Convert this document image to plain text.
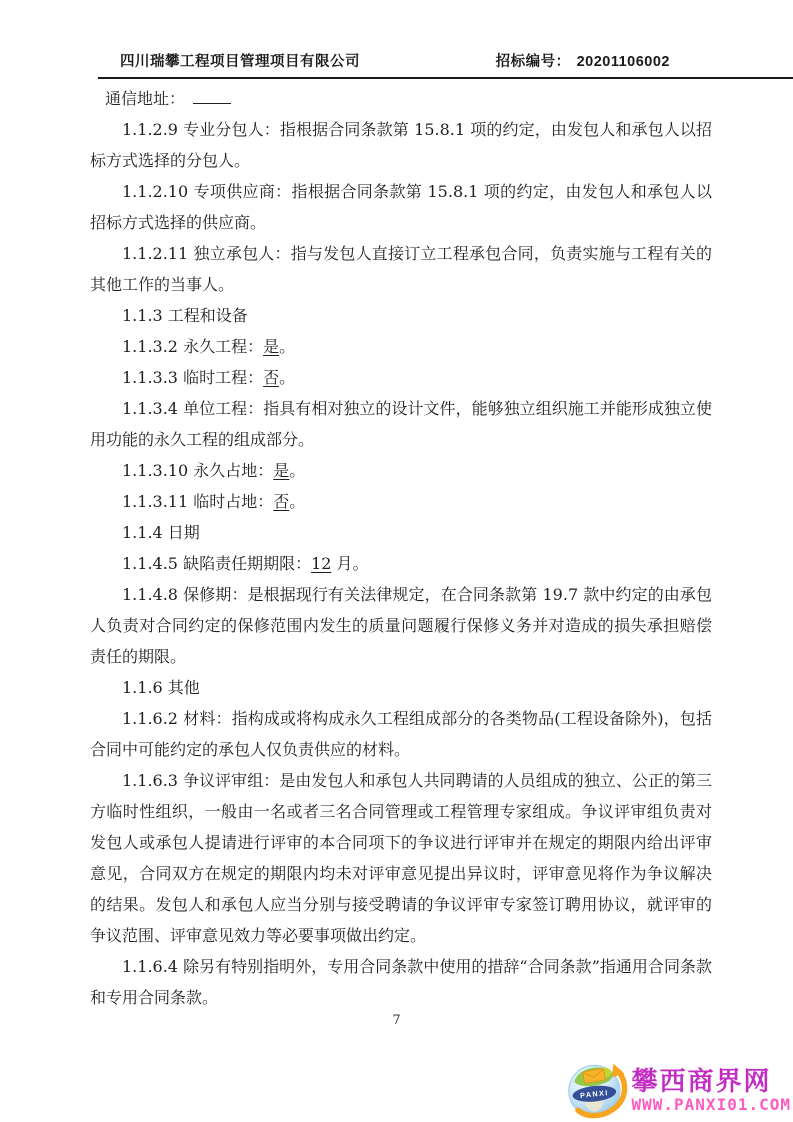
四川瑞攀工程项目管理项目有限公司	招标编号： 20201106002

通信地址：

1.1.2.9 专业分包人：指根据合同条款第 15.8.1 项的约定，由发包人和承包人以招标方式选择的分包人。

1.1.2.10 专项供应商：指根据合同条款第 15.8.1 项的约定，由发包人和承包人以招标方式选择的供应商。

1.1.2.11 独立承包人：指与发包人直接订立工程承包合同，负责实施与工程有关的其他工作的当事人。

1.1.3 工程和设备

1.1.3.2 永久工程：是。

1.1.3.3 临时工程：否。

1.1.3.4 单位工程：指具有相对独立的设计文件，能够独立组织施工并能形成独立使用功能的永久工程的组成部分。

1.1.3.10 永久占地：是。

1.1.3.11 临时占地：否。

1.1.4 日期

1.1.4.5 缺陷责任期期限：12 月。

1.1.4.8 保修期：是根据现行有关法律规定，在合同条款第 19.7 款中约定的由承包人负责对合同约定的保修范围内发生的质量问题履行保修义务并对造成的损失承担赔偿责任的期限。

1.1.6 其他

1.1.6.2 材料：指构成或将构成永久工程组成部分的各类物品(工程设备除外)，包括合同中可能约定的承包人仅负责供应的材料。

1.1.6.3 争议评审组：是由发包人和承包人共同聘请的人员组成的独立、公正的第三方临时性组织，一般由一名或者三名合同管理或工程管理专家组成。争议评审组负责对发包人或承包人提请进行评审的本合同项下的争议进行评审并在规定的期限内给出评审意见，合同双方在规定的期限内均未对评审意见提出异议时，评审意见将作为争议解决的结果。发包人和承包人应当分别与接受聘请的争议评审专家签订聘用协议，就评审的争议范围、评审意见效力等必要事项做出约定。

1.1.6.4 除另有特别指明外，专用合同条款中使用的措辞“合同条款”指通用合同条款和专用合同条款。

7
PANXI 攀西商界网
WWW.PANXI01.COM
